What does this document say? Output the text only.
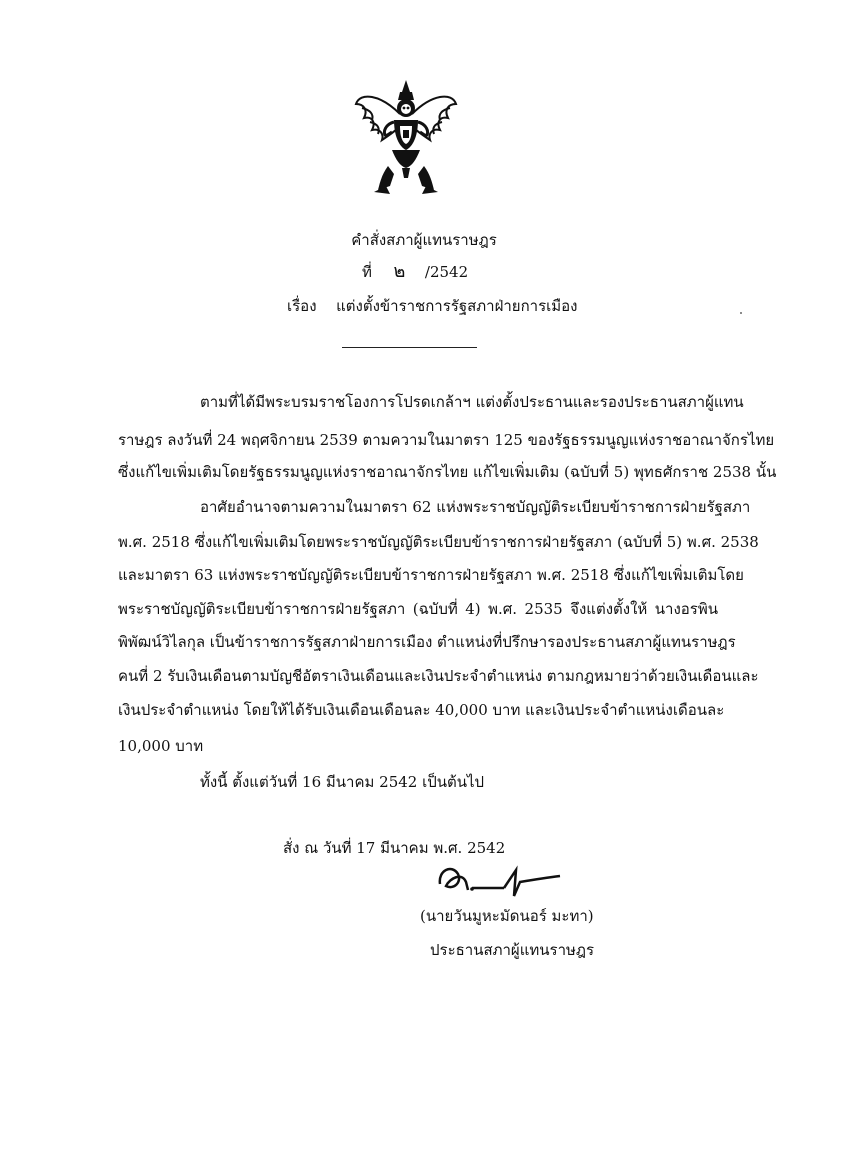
คำสั่งสภาผู้แทนราษฎร
ที่ ๒ /2542
เรื่อง แต่งตั้งข้าราชการรัฐสภาฝ่ายการเมือง
ตามที่ได้มีพระบรมราชโองการโปรดเกล้าฯ แต่งตั้งประธานและรองประธานสภาผู้แทน
ราษฎร ลงวันที่ 24 พฤศจิกายน 2539 ตามความในมาตรา 125 ของรัฐธรรมนูญแห่งราชอาณาจักรไทย
ซึ่งแก้ไขเพิ่มเติมโดยรัฐธรรมนูญแห่งราชอาณาจักรไทย แก้ไขเพิ่มเติม (ฉบับที่ 5) พุทธศักราช 2538 นั้น
อาศัยอำนาจตามความในมาตรา 62 แห่งพระราชบัญญัติระเบียบข้าราชการฝ่ายรัฐสภา
พ.ศ. 2518 ซึ่งแก้ไขเพิ่มเติมโดยพระราชบัญญัติระเบียบข้าราชการฝ่ายรัฐสภา (ฉบับที่ 5) พ.ศ. 2538
และมาตรา 63 แห่งพระราชบัญญัติระเบียบข้าราชการฝ่ายรัฐสภา พ.ศ. 2518 ซึ่งแก้ไขเพิ่มเติมโดย
พระราชบัญญัติระเบียบข้าราชการฝ่ายรัฐสภา (ฉบับที่ 4) พ.ศ. 2535 จึงแต่งตั้งให้ นางอรพิน
พิพัฒน์วิไลกุล เป็นข้าราชการรัฐสภาฝ่ายการเมือง ตำแหน่งที่ปรึกษารองประธานสภาผู้แทนราษฎร
คนที่ 2 รับเงินเดือนตามบัญชีอัตราเงินเดือนและเงินประจำตำแหน่ง ตามกฎหมายว่าด้วยเงินเดือนและ
เงินประจำตำแหน่ง โดยให้ได้รับเงินเดือนเดือนละ 40,000 บาท และเงินประจำตำแหน่งเดือนละ
10,000 บาท
ทั้งนี้ ตั้งแต่วันที่ 16 มีนาคม 2542 เป็นต้นไป
สั่ง ณ วันที่ 17 มีนาคม พ.ศ. 2542
(นายวันมูหะมัดนอร์ มะทา)
ประธานสภาผู้แทนราษฎร
